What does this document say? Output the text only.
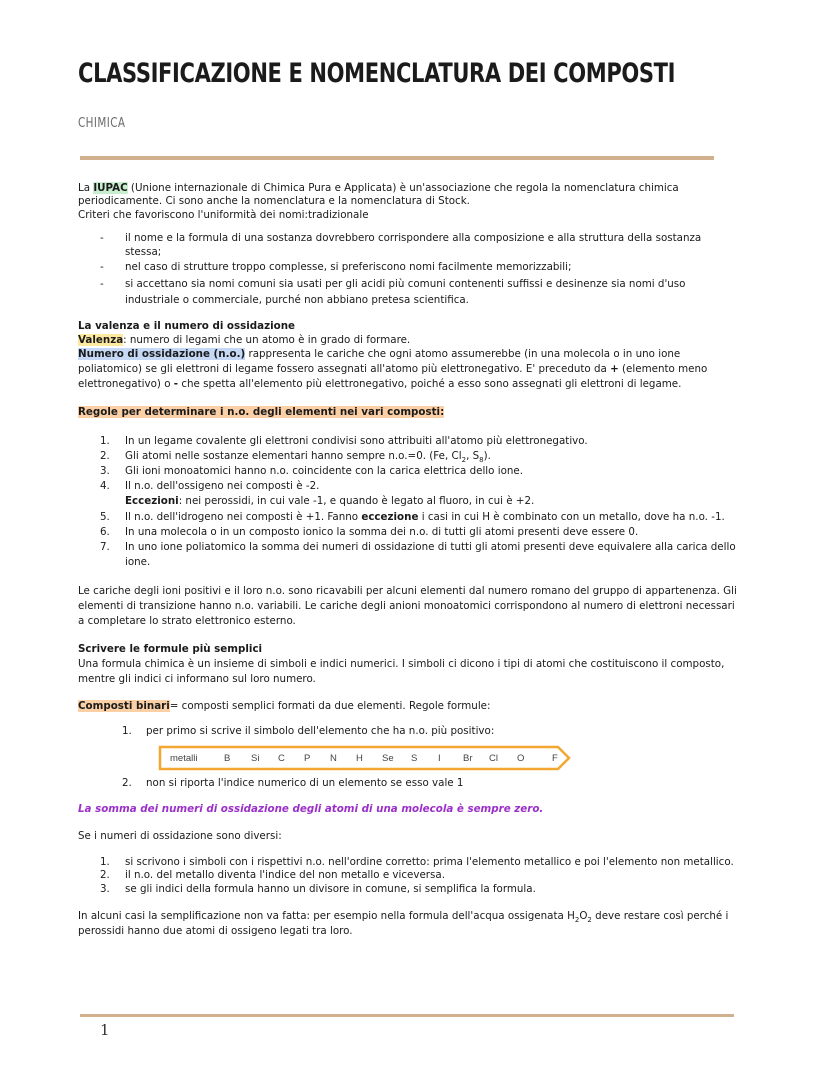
CLASSIFICAZIONE E NOMENCLATURA DEI COMPOSTI
CHIMICA

La IUPAC (Unione internazionale di Chimica Pura e Applicata) è un'associazione che regola la nomenclatura chimica periodicamente. Ci sono anche la nomenclatura e la nomenclatura di Stock.

Criteri che favoriscono l'uniformità dei nomi:tradizionale

- il nome e la formula di una sostanza dovrebbero corrispondere alla composizione e alla struttura della sostanza stessa;
- nel caso di strutture troppo complesse, si preferiscono nomi facilmente memorizzabili;
- si accettano sia nomi comuni sia usati per gli acidi più comuni contenenti suffissi e desinenze sia nomi d'uso industriale o commerciale, purché non abbiano pretesa scientifica.

La valenza e il numero di ossidazione

Valenza: numero di legami che un atomo è in grado di formare.

Numero di ossidazione (n.o.) rappresenta le cariche che ogni atomo assumerebbe (in una molecola o in uno ione poliatomico) se gli elettroni di legame fossero assegnati all'atomo più elettronegativo. E' preceduto da + (elemento meno elettronegativo) o - che spetta all'elemento più elettronegativo, poiché a esso sono assegnati gli elettroni di legame.

Regole per determinare i n.o. degli elementi nei vari composti:

1. In un legame covalente gli elettroni condivisi sono attribuiti all'atomo più elettronegativo.
2. Gli atomi nelle sostanze elementari hanno sempre n.o.=0. (Fe, $Cl_2$, $S_8$).
3. Gli ioni monoatomici hanno n.o. coincidente con la carica elettrica dello ione.
4. Il n.o. dell'ossigeno nei composti è -2.
Eccezioni: nei perossidi, in cui vale -1, e quando è legato al fluoro, in cui è +2.
5. Il n.o. dell'idrogeno nei composti è +1. Fanno eccezione i casi in cui H è combinato con un metallo, dove ha n.o. -1.
6. In una molecola o in un composto ionico la somma dei n.o. di tutti gli atomi presenti deve essere 0.
7. In uno ione poliatomico la somma dei numeri di ossidazione di tutti gli atomi presenti deve equivalere alla carica dello ione.

Le cariche degli ioni positivi e il loro n.o. sono ricavabili per alcuni elementi dal numero romano del gruppo di appartenenza. Gli elementi di transizione hanno n.o. variabili. Le cariche degli anioni monoatomici corrispondono al numero di elettroni necessari a completare lo strato elettronico esterno.

Scrivere le formule più semplici

Una formula chimica è un insieme di simboli e indici numerici. I simboli ci dicono i tipi di atomi che costituiscono il composto, mentre gli indici ci informano sul loro numero.

Composti binari= composti semplici formati da due elementi. Regole formule:

1. per primo si scrive il simbolo dell'elemento che ha n.o. più positivo:
metalli	B Si C P N H Se S I Br Cl O	F
2. non si riporta l'indice numerico di un elemento se esso vale 1

La somma dei numeri di ossidazione degli atomi di una molecola è sempre zero.

Se i numeri di ossidazione sono diversi:

1. si scrivono i simboli con i rispettivi n.o. nell'ordine corretto: prima l'elemento metallico e poi l'elemento non metallico.
2. il n.o. del metallo diventa l'indice del non metallo e viceversa.
3. se gli indici della formula hanno un divisore in comune, si semplifica la formula.

In alcuni casi la semplificazione non va fatta: per esempio nella formula dell'acqua ossigenata $H_2O_2$ deve restare così perché i perossidi hanno due atomi di ossigeno legati tra loro.

1
